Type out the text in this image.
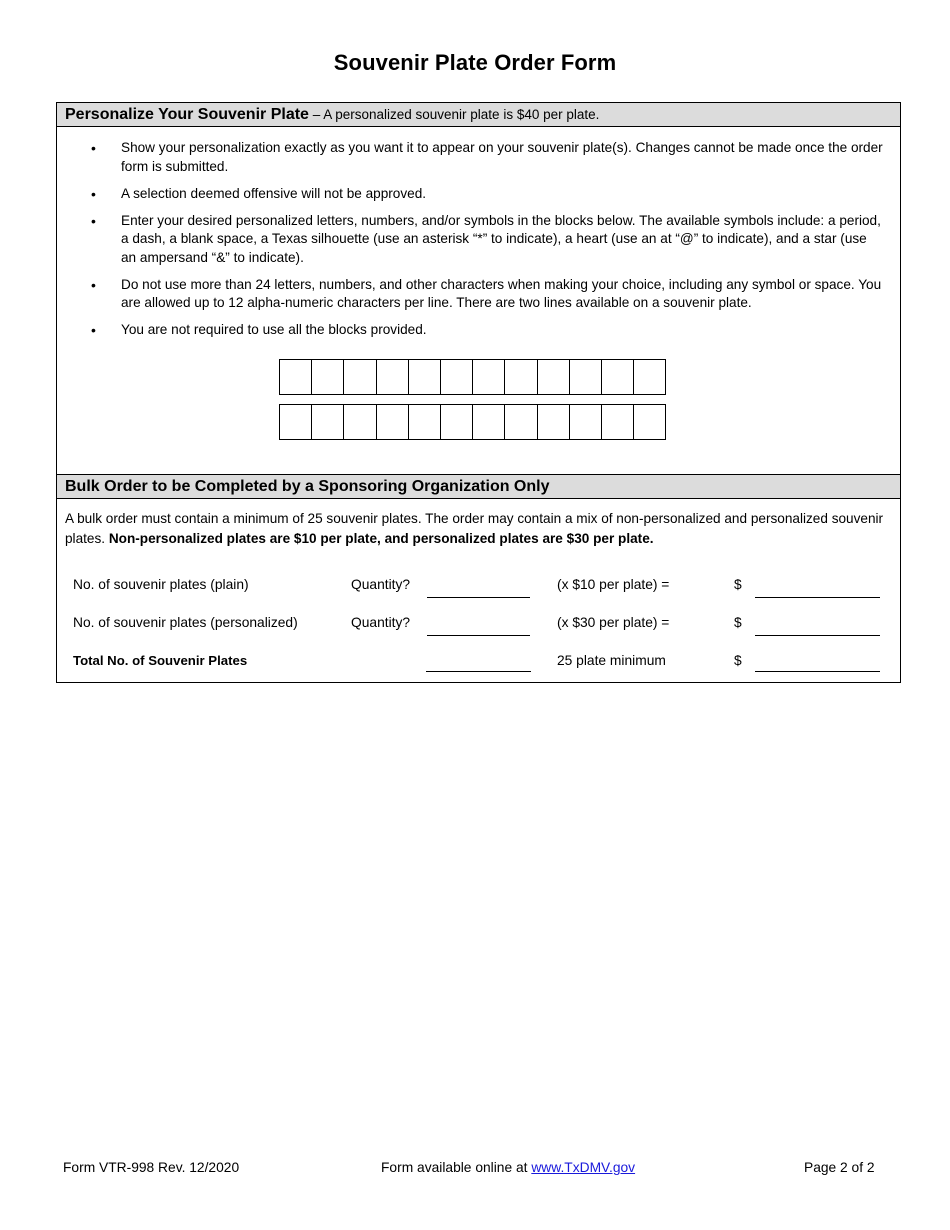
Souvenir Plate Order Form
Personalize Your Souvenir Plate – A personalized souvenir plate is $40 per plate.
• Show your personalization exactly as you want it to appear on your souvenir plate(s). Changes cannot be made once the order form is submitted.
• A selection deemed offensive will not be approved.
• Enter your desired personalized letters, numbers, and/or symbols in the blocks below. The available symbols include: a period, a dash, a blank space, a Texas silhouette (use an asterisk “*” to indicate), a heart (use an at “@” to indicate), and a star (use an ampersand “&” to indicate).
• Do not use more than 24 letters, numbers, and other characters when making your choice, including any symbol or space. You are allowed up to 12 alpha-numeric characters per line. There are two lines available on a souvenir plate.
• You are not required to use all the blocks provided.
Bulk Order to be Completed by a Sponsoring Organization Only
A bulk order must contain a minimum of 25 souvenir plates. The order may contain a mix of non-personalized and personalized souvenir plates. Non-personalized plates are $10 per plate, and personalized plates are $30 per plate.
No. of souvenir plates (plain)	Quantity?	(x $10 per plate) =	$
No. of souvenir plates (personalized)	Quantity?	(x $30 per plate) =	$
Total No. of Souvenir Plates	25 plate minimum	$
Form VTR-998 Rev. 12/2020	Form available online at www.TxDMV.gov	Page 2 of 2
